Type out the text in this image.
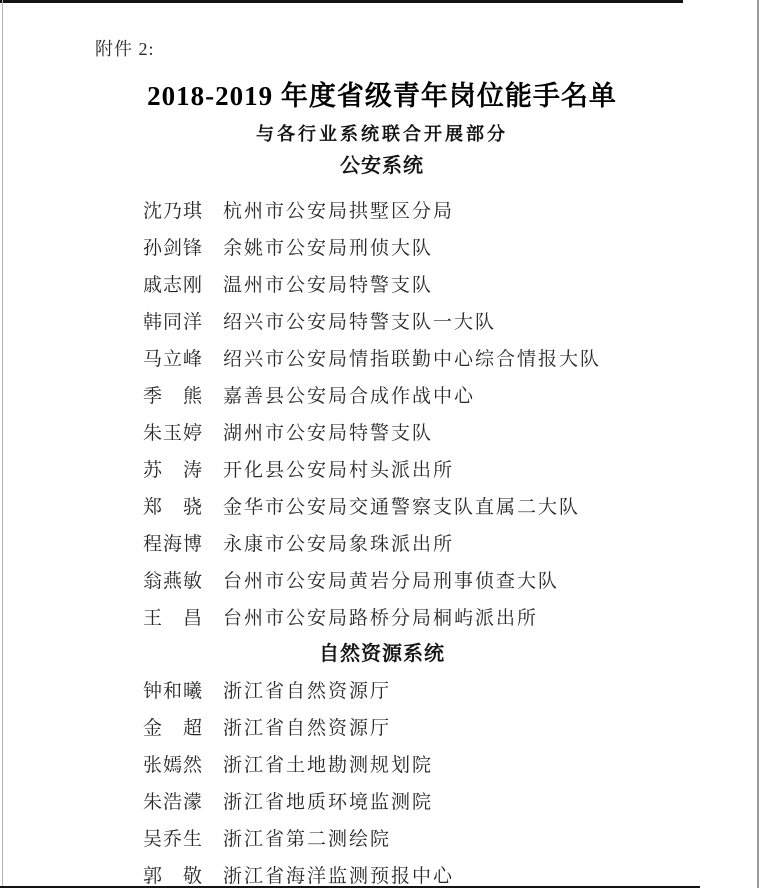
附件 2:
2018-2019 年度省级青年岗位能手名单
与各行业系统联合开展部分
公安系统
沈乃琪 杭州市公安局拱墅区分局
孙剑锋 余姚市公安局刑侦大队
戚志刚 温州市公安局特警支队
韩同洋 绍兴市公安局特警支队一大队
马立峰 绍兴市公安局情指联勤中心综合情报大队
季　熊 嘉善县公安局合成作战中心
朱玉婷 湖州市公安局特警支队
苏　涛 开化县公安局村头派出所
郑　骁 金华市公安局交通警察支队直属二大队
程海博 永康市公安局象珠派出所
翁燕敏 台州市公安局黄岩分局刑事侦查大队
王　昌 台州市公安局路桥分局桐屿派出所
自然资源系统
钟和曦 浙江省自然资源厅
金　超 浙江省自然资源厅
张嫣然 浙江省土地勘测规划院
朱浩濛 浙江省地质环境监测院
吴乔生 浙江省第二测绘院
郭　敬 浙江省海洋监测预报中心
